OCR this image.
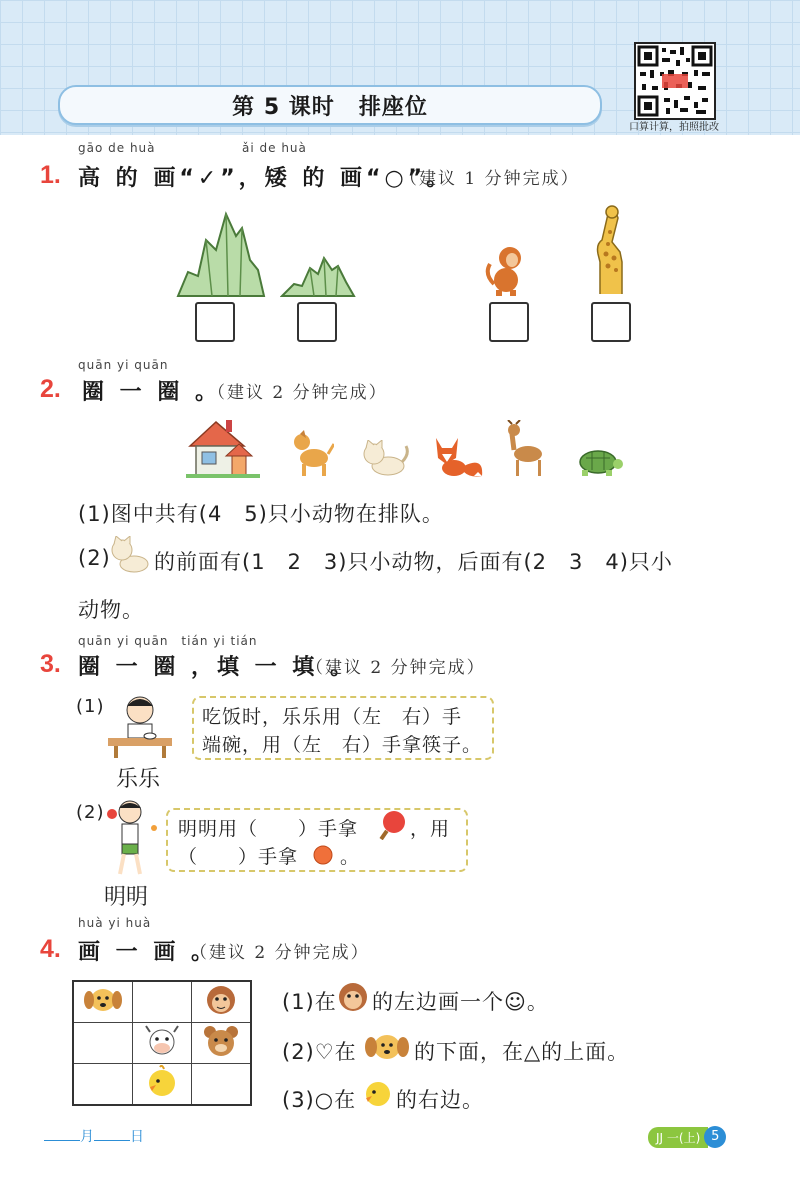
第 5 课时 排座位
口算计算，拍照批改
gāo de huà	ǎi de huà
1. 高 的 画“✓”，矮 的 画“○”。
（建议 1 分钟完成）
quān yi quān
2. 圈 一 圈 。
（建议 2 分钟完成）
(1)图中共有(4　5)只小动物在排队。
(2) 的前面有(1　2　3)只小动物，后面有(2　3　4)只小
动物。
quān yi quān　tián yi tián
3. 圈 一 圈 ，填 一 填 。
（建议 2 分钟完成）
(1)
乐乐
吃饭时，乐乐用（左　右）手
端碗，用（左　右）手拿筷子。
(2)
明明
明明用（　　）手拿	，用
（　　）手拿 。
huà yi huà
4. 画 一 画 。
（建议 2 分钟完成）

(1)在 的左边画一个☺。
(2)♡在	的下面，在△的上面。
(3)○在 的右边。
月	日	JJ 一(上) 5
